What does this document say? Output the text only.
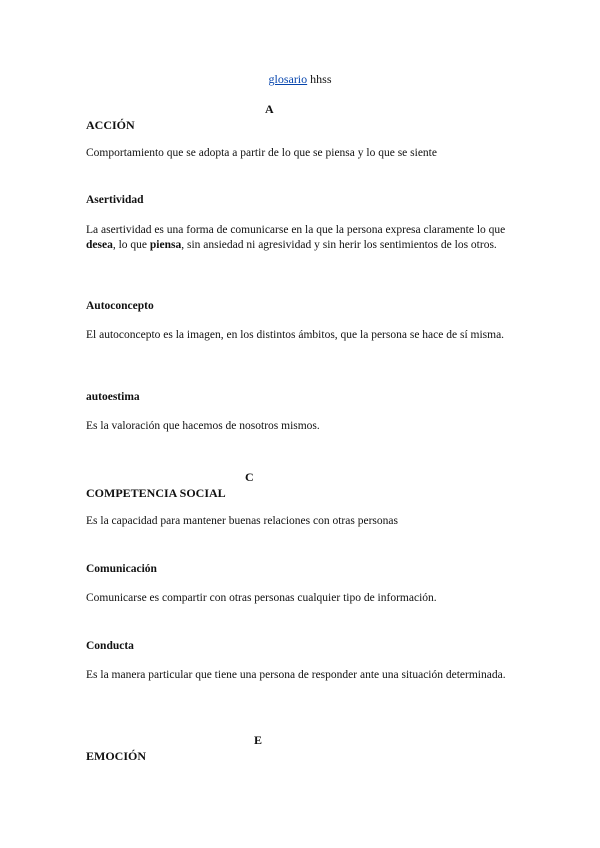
glosario hhss
A
ACCIÓN
Comportamiento que se adopta a partir de lo que se piensa y lo que se siente
Asertividad
La asertividad es una forma de comunicarse en la que la persona expresa claramente lo que desea, lo que piensa, sin ansiedad ni agresividad y sin herir los sentimientos de los otros.
Autoconcepto
El autoconcepto es la imagen, en los distintos ámbitos, que la persona se hace de sí misma.
autoestima
Es la valoración que hacemos de nosotros mismos.
C
COMPETENCIA SOCIAL
Es la capacidad para mantener buenas relaciones con otras personas
Comunicación
Comunicarse es compartir con otras personas cualquier tipo de información.
Conducta
Es la manera particular que tiene una persona de responder ante una situación determinada.
E
EMOCIÓN
